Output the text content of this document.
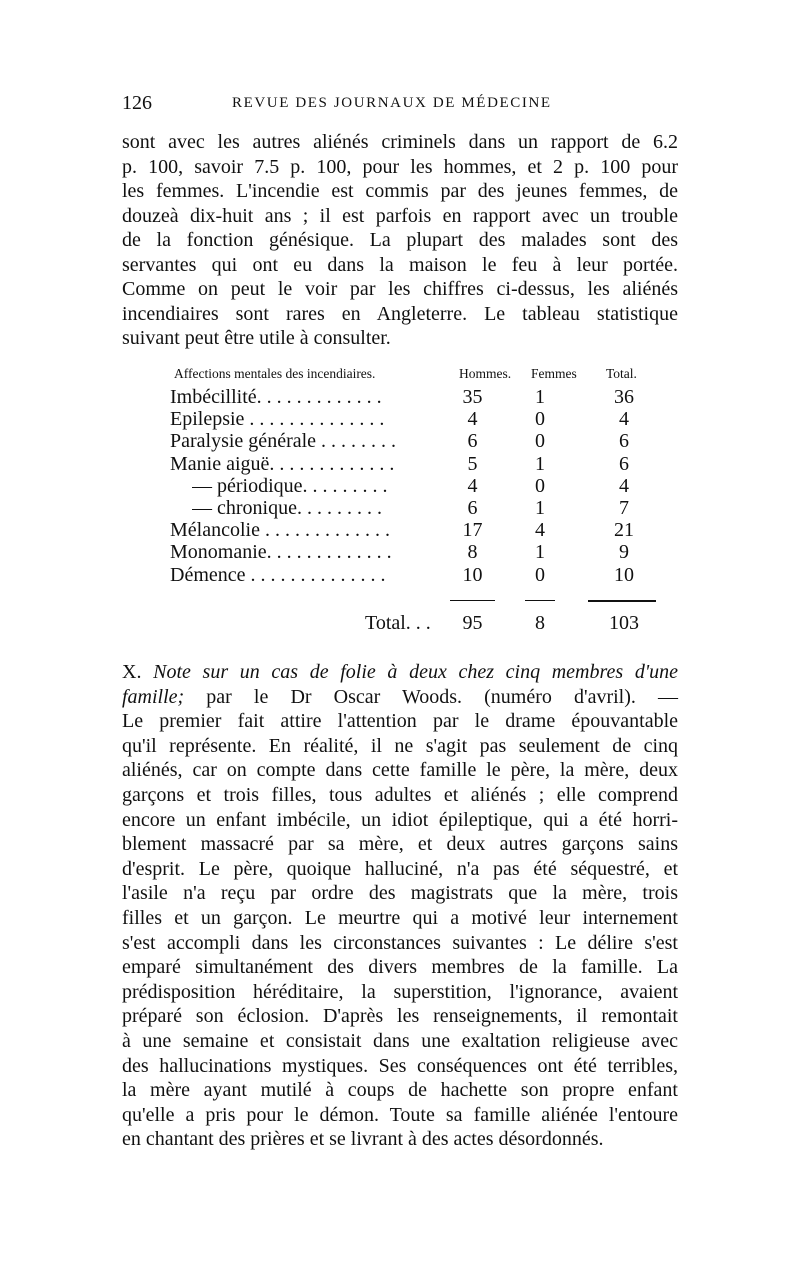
126	REVUE DES JOURNAUX DE MÉDECINE
sont avec les autres aliénés criminels dans un rapport de 6.2
p. 100, savoir 7.5 p. 100, pour les hommes, et 2 p. 100 pour
les femmes. L'incendie est commis par des jeunes femmes, de
douzeà dix-huit ans ; il est parfois en rapport avec un trouble
de la fonction génésique. La plupart des malades sont des
servantes qui ont eu dans la maison le feu à leur portée.
Comme on peut le voir par les chiffres ci-dessus, les aliénés
incendiaires sont rares en Angleterre. Le tableau statistique
suivant peut être utile à consulter.
Affections mentales des incendiaires.	Hommes. Femmes Total.
Imbécillité. . . . . . . . . . . . .	35	1	36
Epilepsie . . . . . . . . . . . . . .	4	0	4
Paralysie générale . . . . . . . .	6	0	6
Manie aiguë. . . . . . . . . . . . .	5	1	6
— périodique. . . . . . . . .	4	0	4
— chronique. . . . . . . . .	6	1	7
Mélancolie . . . . . . . . . . . . .	17	4	21
Monomanie. . . . . . . . . . . . .	8	1	9
Démence . . . . . . . . . . . . . .	10	0	10
Total. . .	95	8	103
X. Note sur un cas de folie à deux chez cinq membres d'une
famille; par le Dr Oscar Woods. (numéro d'avril). —
Le premier fait attire l'attention par le drame épouvantable
qu'il représente. En réalité, il ne s'agit pas seulement de cinq
aliénés, car on compte dans cette famille le père, la mère, deux
garçons et trois filles, tous adultes et aliénés ; elle comprend
encore un enfant imbécile, un idiot épileptique, qui a été horri-
blement massacré par sa mère, et deux autres garçons sains
d'esprit. Le père, quoique halluciné, n'a pas été séquestré, et
l'asile n'a reçu par ordre des magistrats que la mère, trois
filles et un garçon. Le meurtre qui a motivé leur internement
s'est accompli dans les circonstances suivantes : Le délire s'est
emparé simultanément des divers membres de la famille. La
prédisposition héréditaire, la superstition, l'ignorance, avaient
préparé son éclosion. D'après les renseignements, il remontait
à une semaine et consistait dans une exaltation religieuse avec
des hallucinations mystiques. Ses conséquences ont été terribles,
la mère ayant mutilé à coups de hachette son propre enfant
qu'elle a pris pour le démon. Toute sa famille aliénée l'entoure
en chantant des prières et se livrant à des actes désordonnés.
